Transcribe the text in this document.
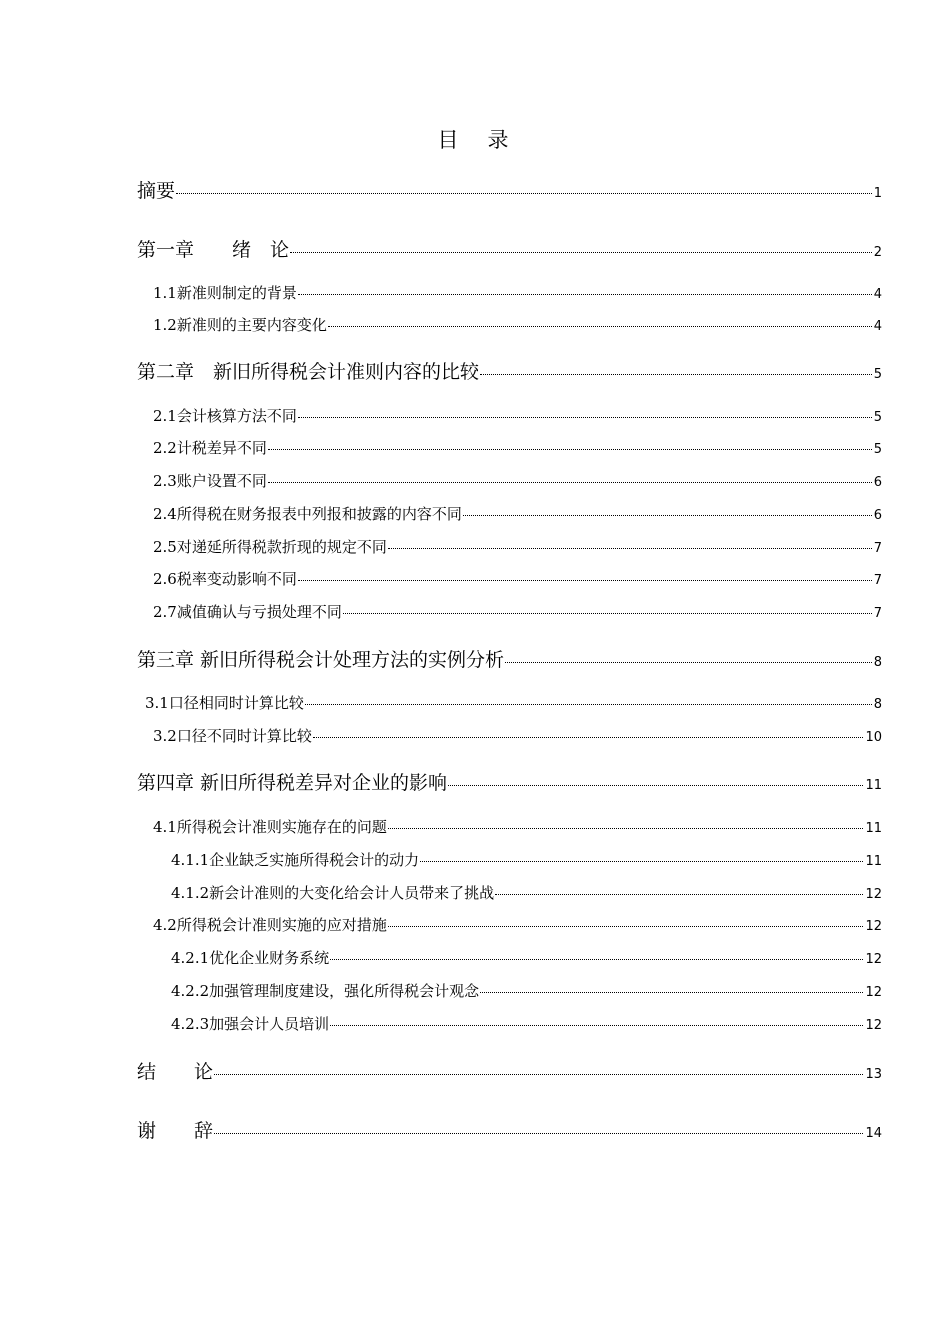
目　录
摘要	1
第一章　　绪　论	2
1.1新准则制定的背景	4
1.2新准则的主要内容变化	4
第二章　新旧所得税会计准则内容的比较	5
2.1会计核算方法不同	5
2.2计税差异不同	5
2.3账户设置不同	6
2.4所得税在财务报表中列报和披露的内容不同	6
2.5对递延所得税款折现的规定不同	7
2.6税率变动影响不同	7
2.7减值确认与亏损处理不同	7
第三章 新旧所得税会计处理方法的实例分析	8
3.1口径相同时计算比较	8
3.2口径不同时计算比较	10
第四章 新旧所得税差异对企业的影响	11
4.1所得税会计准则实施存在的问题	11
4.1.1企业缺乏实施所得税会计的动力	11
4.1.2新会计准则的大变化给会计人员带来了挑战	12
4.2所得税会计准则实施的应对措施	12
4.2.1优化企业财务系统	12
4.2.2加强管理制度建设，强化所得税会计观念	12
4.2.3加强会计人员培训	12
结　　论	13
谢　　辞	14
